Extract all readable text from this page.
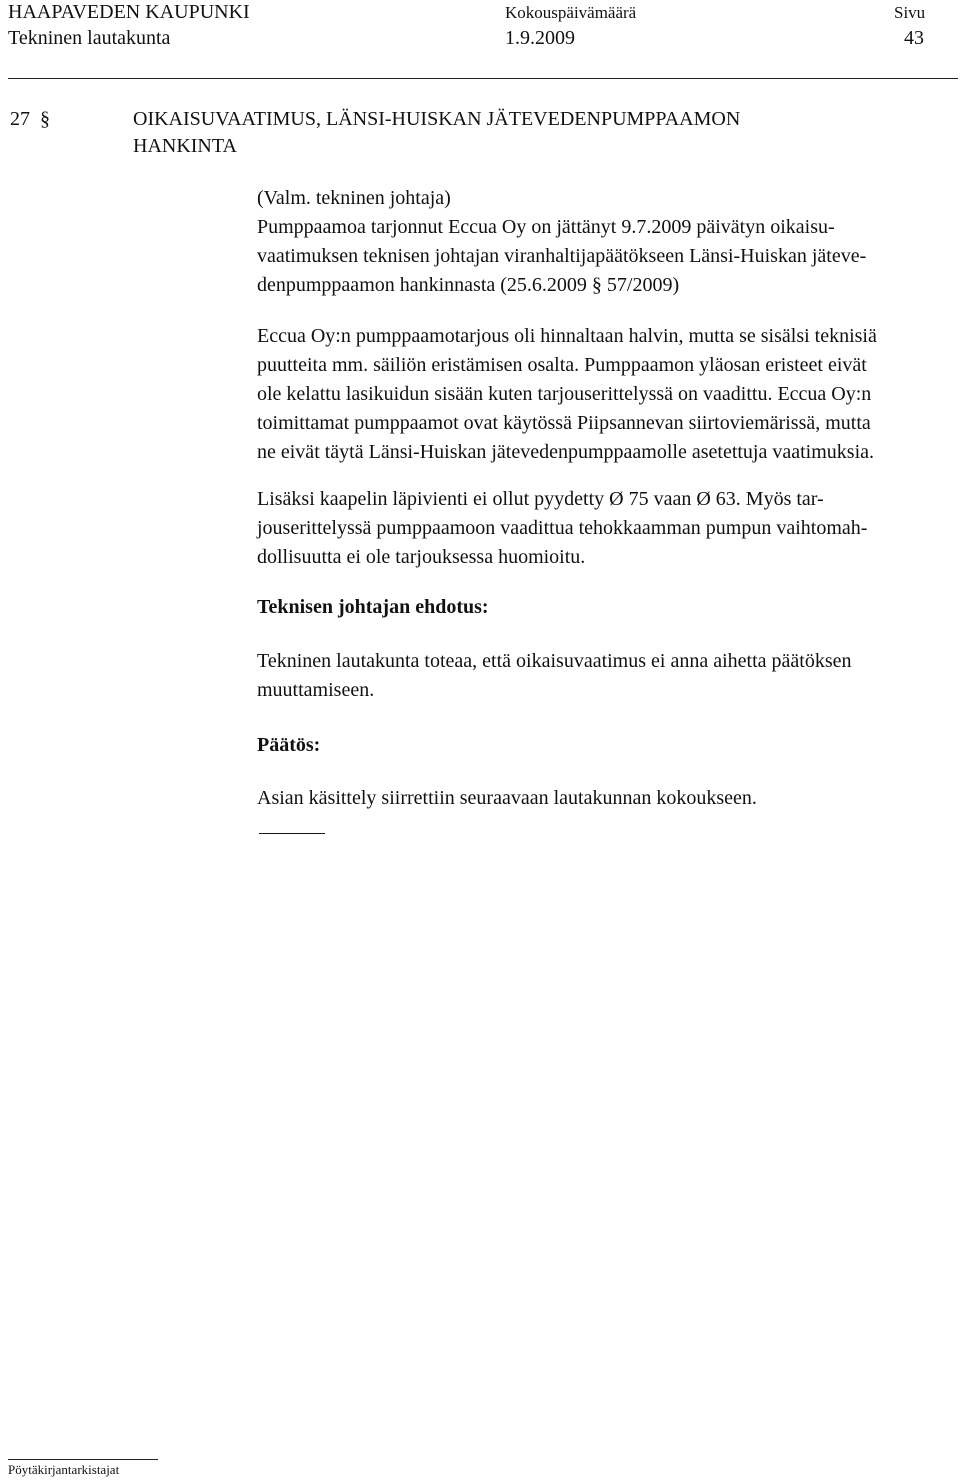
HAAPAVEDEN KAUPUNKI
Tekninen lautakunta
Kokouspäivämäärä
1.9.2009
Sivu
43
27 §	OIKAISUVAATIMUS, LÄNSI-HUISKAN JÄTEVEDENPUMPPAAMON
HANKINTA
(Valm. tekninen johtaja)
Pumppaamoa tarjonnut Eccua Oy on jättänyt 9.7.2009 päivätyn oikaisu-
vaatimuksen teknisen johtajan viranhaltijapäätökseen Länsi-Huiskan jäteve-
denpumppaamon hankinnasta (25.6.2009 § 57/2009)
Eccua Oy:n pumppaamotarjous oli hinnaltaan halvin, mutta se sisälsi teknisiä
puutteita mm. säiliön eristämisen osalta. Pumppaamon yläosan eristeet eivät
ole kelattu lasikuidun sisään kuten tarjouserittelyssä on vaadittu. Eccua Oy:n
toimittamat pumppaamot ovat käytössä Piipsannevan siirtoviemärissä, mutta
ne eivät täytä Länsi-Huiskan jätevedenpumppaamolle asetettuja vaatimuksia.
Lisäksi kaapelin läpivienti ei ollut pyydetty Ø 75 vaan Ø 63. Myös tar-
jouserittelyssä pumppaamoon vaadittua tehokkaamman pumpun vaihtomah-
dollisuutta ei ole tarjouksessa huomioitu.
Teknisen johtajan ehdotus:
Tekninen lautakunta toteaa, että oikaisuvaatimus ei anna aihetta päätöksen
muuttamiseen.
Päätös:
Asian käsittely siirrettiin seuraavaan lautakunnan kokoukseen.
Pöytäkirjantarkistajat
